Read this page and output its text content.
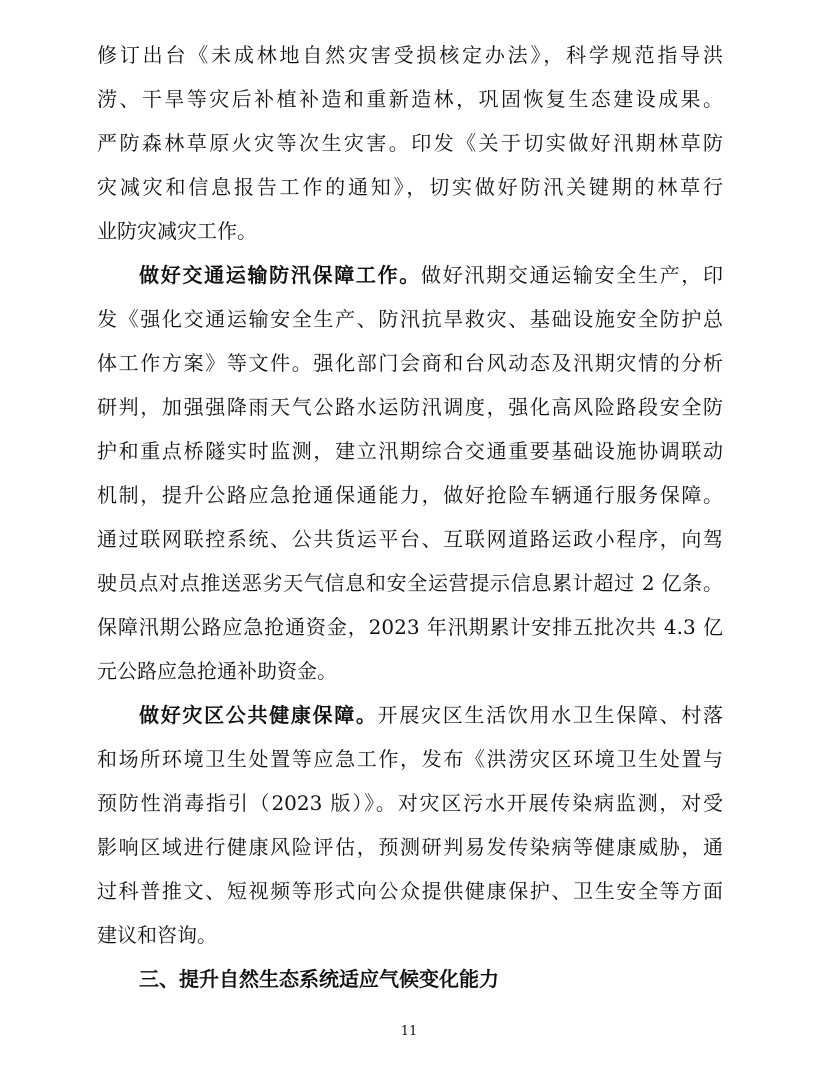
修订出台《未成林地自然灾害受损核定办法》，科学规范指导洪
涝、干旱等灾后补植补造和重新造林，巩固恢复生态建设成果。
严防森林草原火灾等次生灾害。印发《关于切实做好汛期林草防
灾减灾和信息报告工作的通知》，切实做好防汛关键期的林草行
业防灾减灾工作。
做好交通运输防汛保障工作。做好汛期交通运输安全生产，印
发《强化交通运输安全生产、防汛抗旱救灾、基础设施安全防护总
体工作方案》等文件。强化部门会商和台风动态及汛期灾情的分析
研判，加强强降雨天气公路水运防汛调度，强化高风险路段安全防
护和重点桥隧实时监测，建立汛期综合交通重要基础设施协调联动
机制，提升公路应急抢通保通能力，做好抢险车辆通行服务保障。
通过联网联控系统、公共货运平台、互联网道路运政小程序，向驾
驶员点对点推送恶劣天气信息和安全运营提示信息累计超过 2 亿条。
保障汛期公路应急抢通资金，2023 年汛期累计安排五批次共 4.3 亿
元公路应急抢通补助资金。
做好灾区公共健康保障。开展灾区生活饮用水卫生保障、村落
和场所环境卫生处置等应急工作，发布《洪涝灾区环境卫生处置与
预防性消毒指引（2023 版）》。对灾区污水开展传染病监测，对受
影响区域进行健康风险评估，预测研判易发传染病等健康威胁，通
过科普推文、短视频等形式向公众提供健康保护、卫生安全等方面
建议和咨询。
三、提升自然生态系统适应气候变化能力
11
